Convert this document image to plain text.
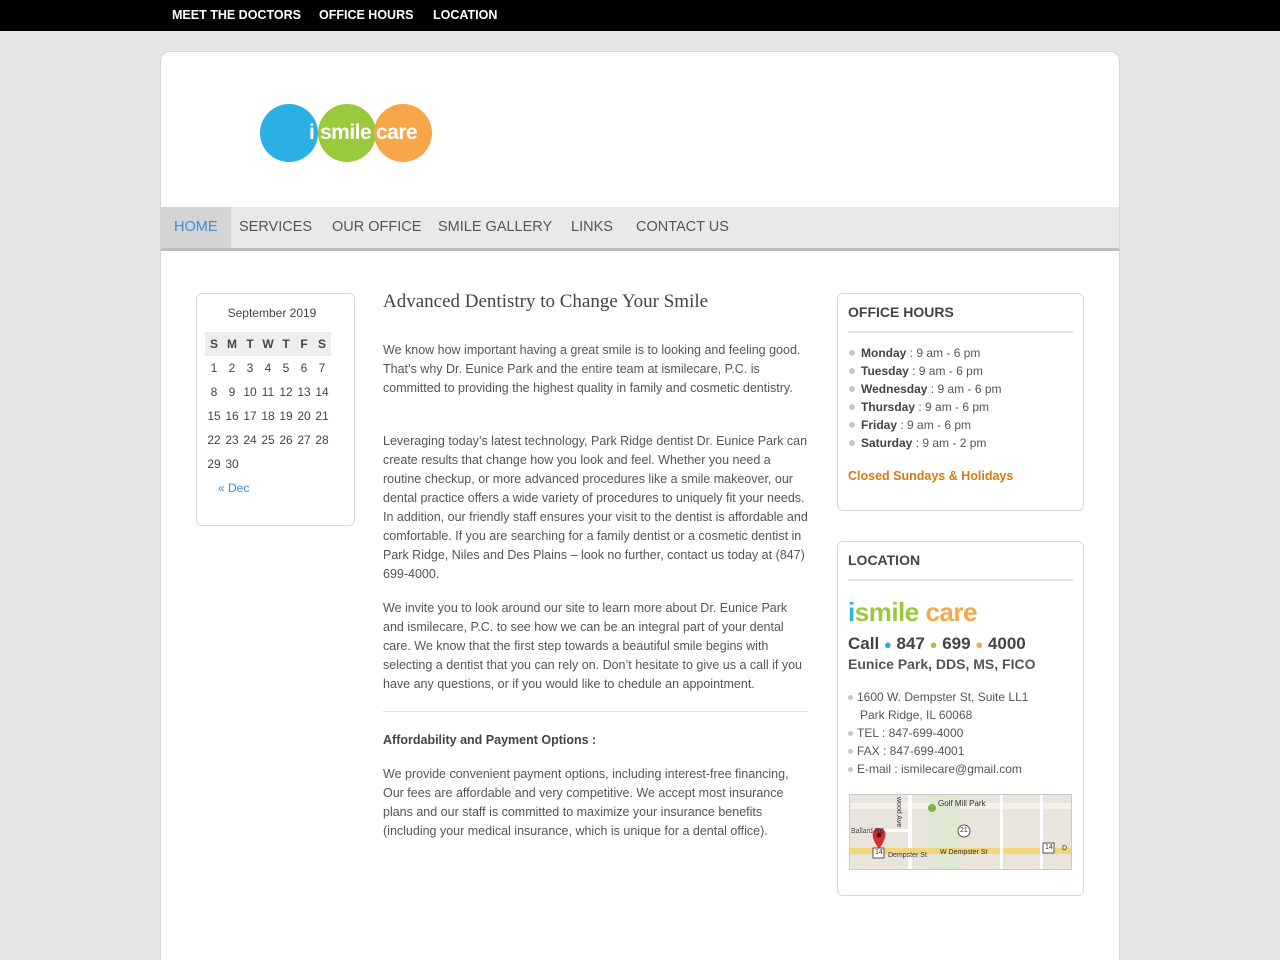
MEET THE DOCTORS OFFICE HOURS LOCATION
i smile care
HOME	SERVICES	OUR OFFICE	SMILE GALLERY	LINKS	CONTACT US
September 2019
S	M	T	W	T	F	S
1	2	3	4	5	6	7
8	9	10	11	12	13	14
15	16	17	18	19	20	21
22	23	24	25	26	27	28
29	30					
« Dec
Advanced Dentistry to Change Your Smile

We know how important having a great smile is to looking and feeling good. That’s why Dr. Eunice Park and the entire team at ismilecare, P.C. is committed to providing the highest quality in family and cosmetic dentistry.

Leveraging today’s latest technology, Park Ridge dentist Dr. Eunice Park can create results that change how you look and feel. Whether you need a routine checkup, or more advanced procedures like a smile makeover, our dental practice offers a wide variety of procedures to uniquely fit your needs. In addition, our friendly staff ensures your visit to the dentist is affordable and comfortable. If you are searching for a family dentist or a cosmetic dentist in Park Ridge, Niles and Des Plains – look no further, contact us today at (847) 699-4000.

We invite you to look around our site to learn more about Dr. Eunice Park and ismilecare, P.C. to see how we can be an integral part of your dental care. We know that the first step towards a beautiful smile begins with selecting a dentist that you can rely on. Don’t hesitate to give us a call if you have any questions, or if you would like to chedule an appointment.

Affordability and Payment Options :

We provide convenient payment options, including interest-free financing, Our fees are affordable and very competitive. We accept most insurance plans and our staff is committed to maximize your insurance benefits (including your medical insurance, which is unique for a dental office).

OFFICE HOURS
Monday : 9 am - 6 pm
Tuesday : 9 am - 6 pm
Wednesday : 9 am - 6 pm
Thursday : 9 am - 6 pm
Friday : 9 am - 6 pm
Saturday : 9 am - 2 pm
Closed Sundays & Holidays
LOCATION
ismile care
Call ● 847 ● 699 ● 4000
Eunice Park, DDS, MS, FICO
1600 W. Dempster St, Suite LL1
Park Ridge, IL 60068
TEL : 847-699-4000
FAX : 847-699-4001
E-mail : ismilecare@gmail.com
Golf Mill Park
Dempster St W Dempster St
wood Ave
Ballard Rd	21
14
14
D
